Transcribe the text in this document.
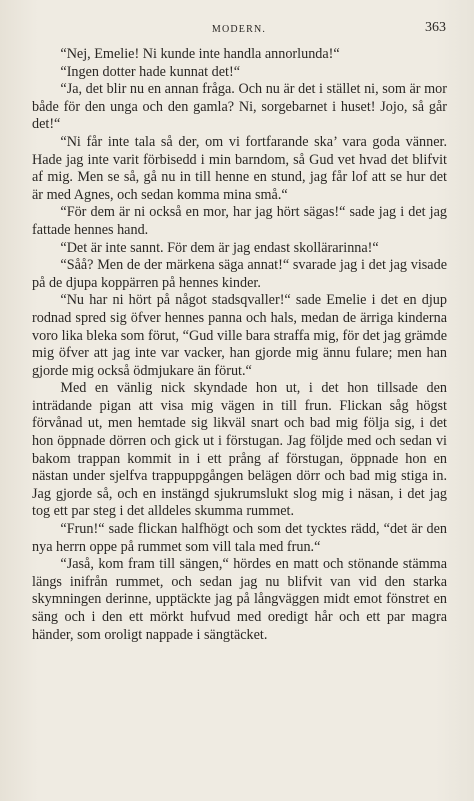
MODERN.	363

“Nej, Emelie! Ni kunde inte handla annorlunda!“

“Ingen dotter hade kunnat det!“

“Ja, det blir nu en annan fråga. Och nu är det i stället ni, som är mor både för den unga och den gamla? Ni, sorgebarnet i huset! Jojo, så går det!“

“Ni får inte tala så der, om vi fortfarande ska’ vara goda vänner. Hade jag inte varit förbisedd i min barndom, så Gud vet hvad det blifvit af mig. Men se så, gå nu in till henne en stund, jag får lof att se hur det är med Agnes, och sedan komma mina små.“

“För dem är ni också en mor, har jag hört sägas!“ sade jag i det jag fattade hennes hand.

“Det är inte sannt. För dem är jag endast skollärarinna!“

“Såå? Men de der märkena säga annat!“ svarade jag i det jag visade på de djupa koppärren på hennes kinder.

“Nu har ni hört på något stadsqvaller!“ sade Emelie i det en djup rodnad spred sig öfver hennes panna och hals, medan de ärriga kinderna voro lika bleka som förut, “Gud ville bara straffa mig, för det jag grämde mig öfver att jag inte var vacker, han gjorde mig ännu fulare; men han gjorde mig också ödmjukare än förut.“

Med en vänlig nick skyndade hon ut, i det hon tillsade den inträdande pigan att visa mig vägen in till frun. Flickan såg högst förvånad ut, men hemtade sig likväl snart och bad mig följa sig, i det hon öppnade dörren och gick ut i förstugan. Jag följde med och sedan vi bakom trappan kommit in i ett prång af förstugan, öppnade hon en nästan under sjelfva trappuppgången belägen dörr och bad mig stiga in. Jag gjorde så, och en instängd sjukrumslukt slog mig i näsan, i det jag tog ett par steg i det alldeles skumma rummet.

“Frun!“ sade flickan halfhögt och som det tycktes rädd, “det är den nya herrn oppe på rummet som vill tala med frun.“

“Jaså, kom fram till sängen,“ hördes en matt och stönande stämma längs inifrån rummet, och sedan jag nu blifvit van vid den starka skymningen derinne, upptäckte jag på långväggen midt emot fönstret en säng och i den ett mörkt hufvud med oredigt hår och ett par magra händer, som oroligt nappade i sängtäcket.
